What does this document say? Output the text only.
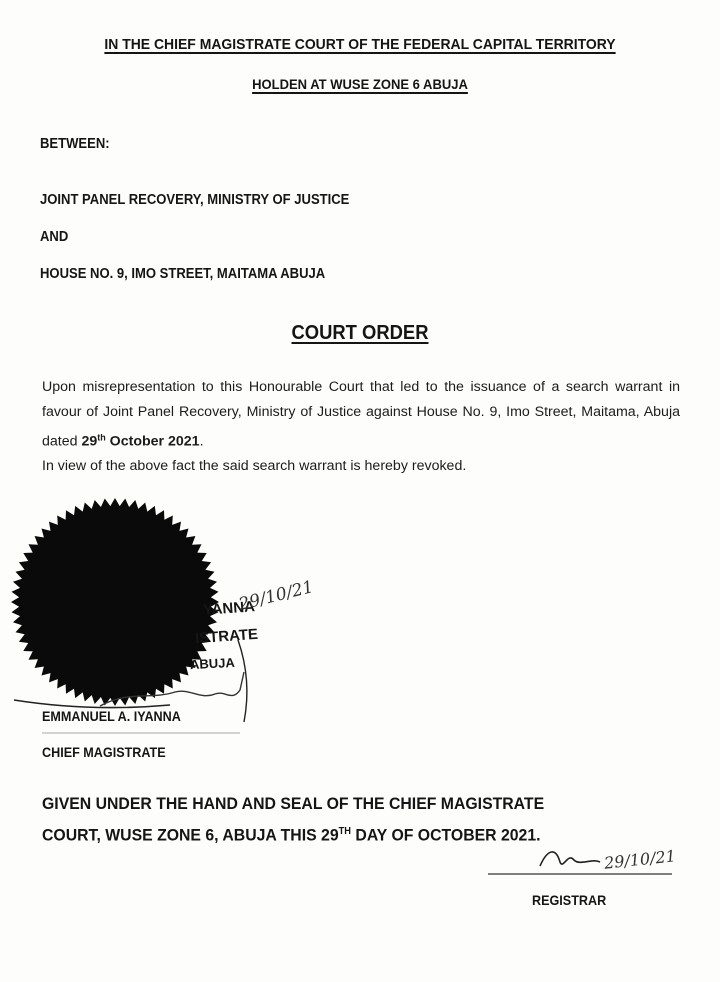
IN THE CHIEF MAGISTRATE COURT OF THE FEDERAL CAPITAL TERRITORY
HOLDEN AT WUSE ZONE 6 ABUJA
BETWEEN:
JOINT PANEL RECOVERY, MINISTRY OF JUSTICE
AND
HOUSE NO. 9, IMO STREET, MAITAMA ABUJA
COURT ORDER
Upon misrepresentation to this Honourable Court that led to the issuance of a search warrant in favour of Joint Panel Recovery, Ministry of Justice against House No. 9, Imo Street, Maitama, Abuja dated 29th October 2021.
In view of the above fact the said search warrant is hereby revoked.
YANNA
ISTRATE
ABUJA
29/10/21
EMMANUEL A. IYANNA
CHIEF MAGISTRATE
GIVEN UNDER THE HAND AND SEAL OF THE CHIEF MAGISTRATE
COURT, WUSE ZONE 6, ABUJA THIS 29TH DAY OF OCTOBER 2021.
29/10/21
REGISTRAR
